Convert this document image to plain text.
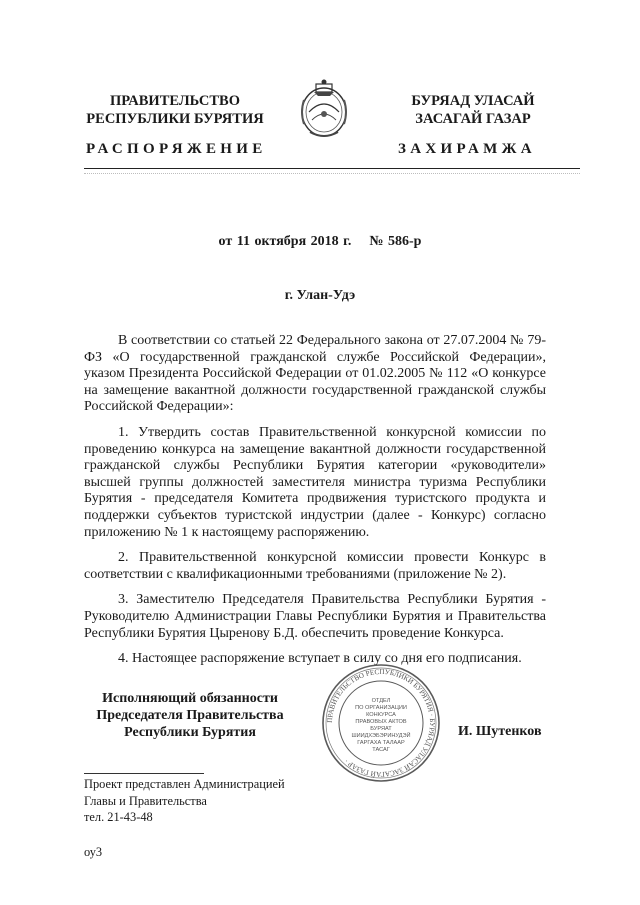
ПРАВИТЕЛЬСТВО
РЕСПУБЛИКИ БУРЯТИЯ
БУРЯАД УЛАСАЙ
ЗАСАГАЙ ГАЗАР
РАСПОРЯЖЕНИЕ	ЗАХИРАМЖА
от 11 октября 2018 г.    № 586-р
г. Улан-Удэ

В соответствии со статьей 22 Федерального закона от 27.07.2004 № 79-ФЗ «О государственной гражданской службе Российской Федерации», указом Президента Российской Федерации от 01.02.2005 № 112 «О конкурсе на замещение вакантной должности государственной гражданской службы Российской Федерации»:

1. Утвердить состав Правительственной конкурсной комиссии по проведению конкурса на замещение вакантной должности государственной гражданской службы Республики Бурятия категории «руководители» высшей группы должностей заместителя министра туризма Республики Бурятия - председателя Комитета продвижения туристского продукта и поддержки субъектов туристской индустрии (далее - Конкурс) согласно приложению № 1 к настоящему распоряжению.

2. Правительственной конкурсной комиссии провести Конкурс в соответствии с квалификационными требованиями (приложение № 2).

3. Заместителю Председателя Правительства Республики Бурятия - Руководителю Администрации Главы Республики Бурятия и Правительства Республики Бурятия Цыренову Б.Д. обеспечить проведение Конкурса.

4. Настоящее распоряжение вступает в силу со дня его подписания.

Исполняющий обязанности
Председателя Правительства
Республики Бурятия
ПРАВИТЕЛЬСТВО РЕСПУБЛИКИ БУРЯТИЯ · БУРЯАД УЛАСАЙ ЗАСАГАЙ ГАЗАР ·
ОТДЕЛ
ПО ОРГАНИЗАЦИИ
КОНКУРСА
ПРАВОВЫХ АКТОВ
БУРЯАТ
ШИИДХЭБЭРИНУДЭЙ
ГАРГАХА ТАЛААР
ТАСАГ
И. Шутенков
Проект представлен Администрацией
Главы и Правительства
тел. 21-43-48
оу3
